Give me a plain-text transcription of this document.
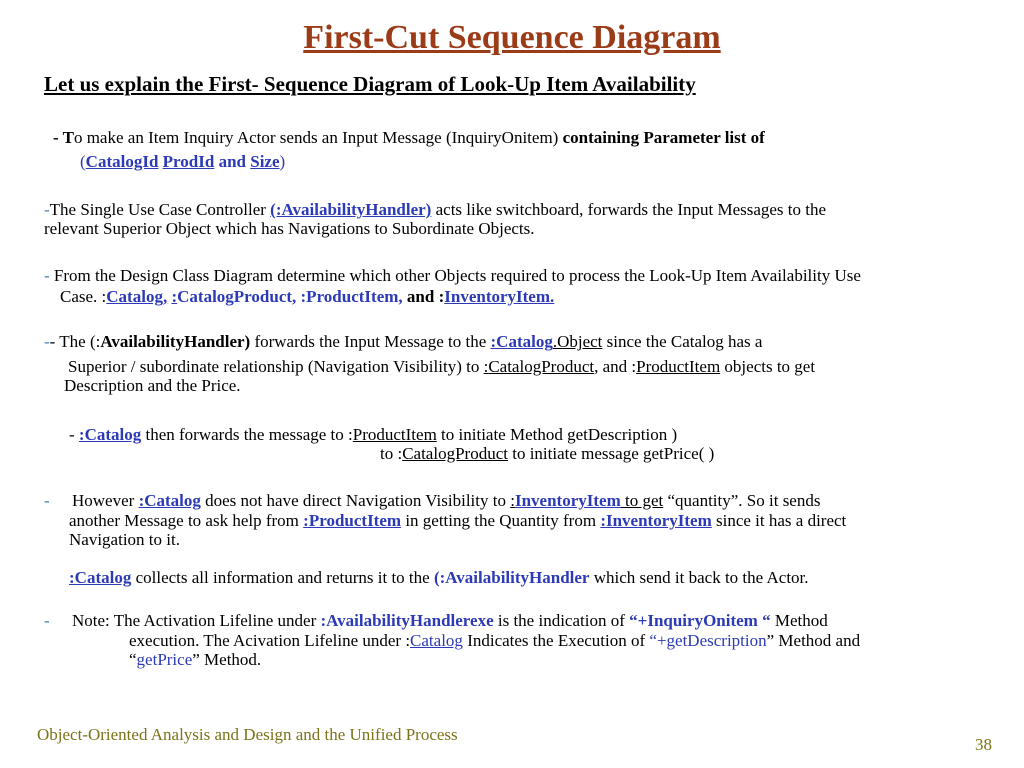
First-Cut Sequence Diagram
Let us explain the First- Sequence Diagram of Look-Up Item Availability
- To make an Item Inquiry Actor sends an Input Message (InquiryOnitem) containing Parameter list of
(CatalogId ProdId and Size)
-The Single Use Case Controller (:AvailabilityHandler) acts like switchboard, forwards the Input Messages to the
relevant Superior Object which has Navigations to Subordinate Objects.
- From the Design Class Diagram determine which other Objects required to process the Look-Up Item Availability Use
Case. :Catalog, :CatalogProduct, :ProductItem, and :InventoryItem.
-- The (:AvailabilityHandler) forwards the Input Message to the :Catalog.Object since the Catalog has a
Superior / subordinate relationship (Navigation Visibility) to :CatalogProduct, and :ProductItem objects to get
Description and the Price.
- :Catalog then forwards the message to :ProductItem to initiate Method getDescription )
to :CatalogProduct to initiate message getPrice( )
- However :Catalog does not have direct Navigation Visibility to :InventoryItem to get “quantity”. So it sends
another Message to ask help from :ProductItem in getting the Quantity from :InventoryItem since it has a direct
Navigation to it.
:Catalog collects all information and returns it to the (:AvailabilityHandler which send it back to the Actor.
- Note: The Activation Lifeline under :AvailabilityHandlerexe is the indication of “+InquiryOnitem “ Method
execution. The Acivation Lifeline under :Catalog Indicates the Execution of “+getDescription” Method and
“getPrice” Method.
Object-Oriented Analysis and Design and the Unified Process
38
